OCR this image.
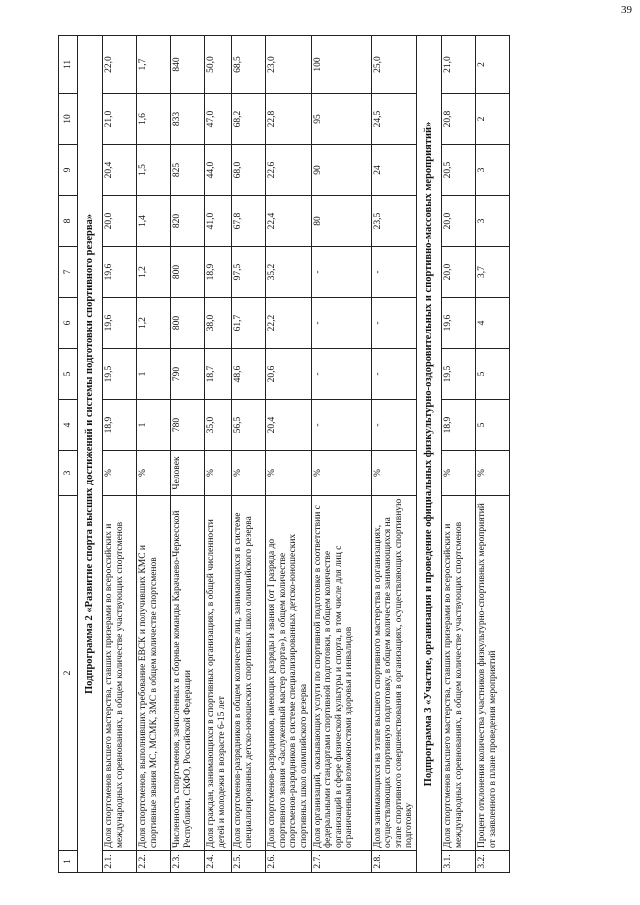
39
1	2	3	4	5	6	7	8	9	10	11
Подпрограмма 2 «Развитие спорта высших достижений и системы подготовки спортивного резерва»										
2.1.	Доля спортсменов высшего мастерства, ставших призерами во всероссийских и международных соревнованиях, в общем количестве участвующих спортсменов	%	18,9	19,5	19,6	19,6	20,0	20,4	21,0	22,0
2.2.	Доля спортсменов, выполнивших требование ЕВСК и получивших КМС и спортивные звания МС, МСМК, ЗМС в общем количестве спортсменов	%	1	1	1,2	1,2	1,4	1,5	1,6	1,7
2.3.	Численность спортсменов, зачисленных в сборные команды Карачаево-Черкесской Республики, СКФО, Российской Федерации	Человек	780	790	800	800	820	825	833	840
2.4.	Доля граждан, занимающихся в спортивных организациях, в общей численности детей и молодежи в возрасте 6-15 лет	%	35,0	18,7	38,0	18,9	41,0	44,0	47,0	50,0
2.5.	Доля спортсменов-разрядников в общем количестве лиц, занимающихся в системе специализированных детско-юношеских спортивных школ олимпийского резерва	%	56,5	48,6	61,7	97,5	67,8	68,0	68,2	68,5
2.6.	Доля спортсменов-разрядников, имеющих разряды и звания (от I разряда до спортивного звания «Заслуженный мастер спорта»), в общем количестве спортсменов-разрядников в системе специализированных детско-юношеских спортивных школ олимпийского резерва	%	20,4	20,6	22,2	35,2	22,4	22,6	22,8	23,0
2.7.	Доля организаций, оказывающих услуги по спортивной подготовке в соответствии с федеральными стандартами спортивной подготовки, в общем количестве организаций в сфере физической культуры и спорта, в том числе для лиц с ограниченными возможностями здоровья и инвалидов	%	-	-	-	-	80	90	95	100
2.8.	Доля занимающихся на этапе высшего спортивного мастерства в организациях, осуществляющих спортивную подготовку, в общем количестве занимающихся на этапе спортивного совершенствования в организациях, осуществляющих спортивную подготовку	%	-	-	-	-	23,5	24	24,5	25,0
Подпрограмма 3 «Участие, организация и проведение официальных физкультурно-оздоровительных и спортивно-массовых мероприятий»										
3.1.	Доля спортсменов высшего мастерства, ставших призерами во всероссийских и международных соревнованиях, в общем количестве участвующих спортсменов	%	18,9	19,5	19,6	20,0	20,0	20,5	20,8	21,0
3.2.	Процент отклонения количества участников физкультурно-спортивных мероприятий от заявленного в плане проведения мероприятий	%	5	5	4	3,7	3	3	2	2
